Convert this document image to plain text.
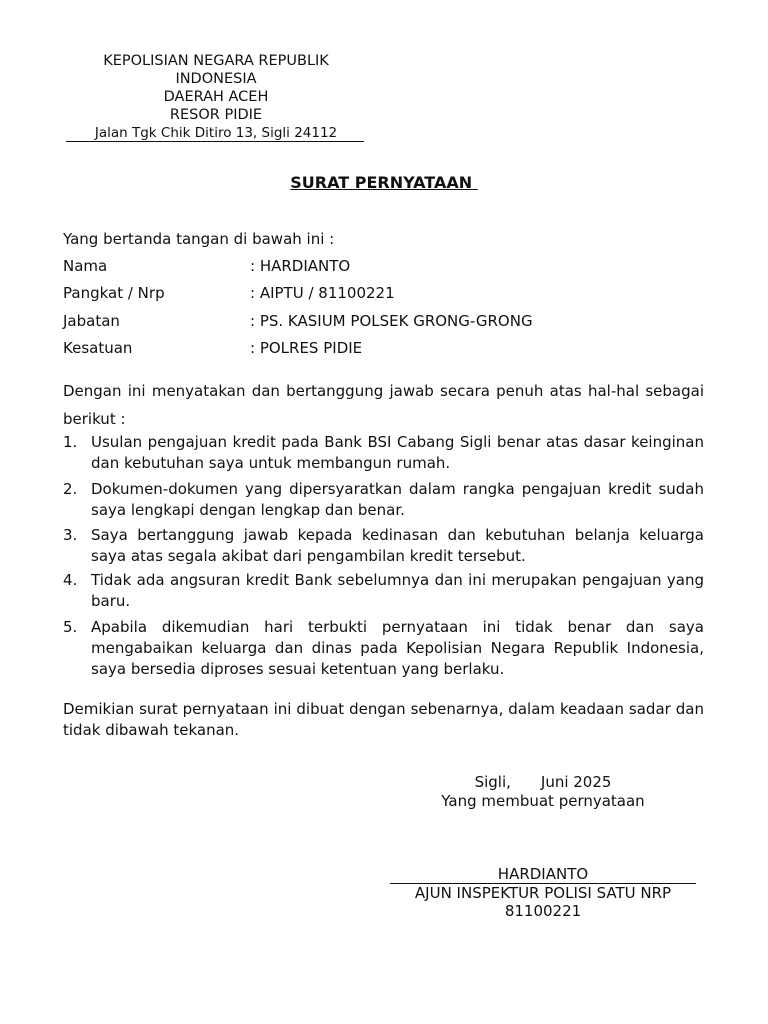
KEPOLISIAN NEGARA REPUBLIK
INDONESIA
DAERAH ACEH
RESOR PIDIE
Jalan Tgk Chik Ditiro 13, Sigli 24112
SURAT PERNYATAAN
Yang bertanda tangan di bawah ini :
Nama	: HARDIANTO
Pangkat / Nrp	: AIPTU / 81100221
Jabatan	: PS. KASIUM POLSEK GRONG-GRONG
Kesatuan	: POLRES PIDIE
Dengan ini menyatakan dan bertanggung jawab secara penuh atas hal-hal sebagai berikut :
1. Usulan pengajuan kredit pada Bank BSI Cabang Sigli benar atas dasar keinginan dan kebutuhan saya untuk membangun rumah.
2. Dokumen-dokumen yang dipersyaratkan dalam rangka pengajuan kredit sudah saya lengkapi dengan lengkap dan benar.
3. Saya bertanggung jawab kepada kedinasan dan kebutuhan belanja keluarga saya atas segala akibat dari pengambilan kredit tersebut.
4. Tidak ada angsuran kredit Bank sebelumnya dan ini merupakan pengajuan yang baru.
5. Apabila dikemudian hari terbukti pernyataan ini tidak benar dan saya mengabaikan keluarga dan dinas pada Kepolisian Negara Republik Indonesia, saya bersedia diproses sesuai ketentuan yang berlaku.
Demikian surat pernyataan ini dibuat dengan sebenarnya, dalam keadaan sadar dan tidak dibawah tekanan.
Sigli, Juni 2025
Yang membuat pernyataan
HARDIANTO
AJUN INSPEKTUR POLISI SATU NRP
81100221
